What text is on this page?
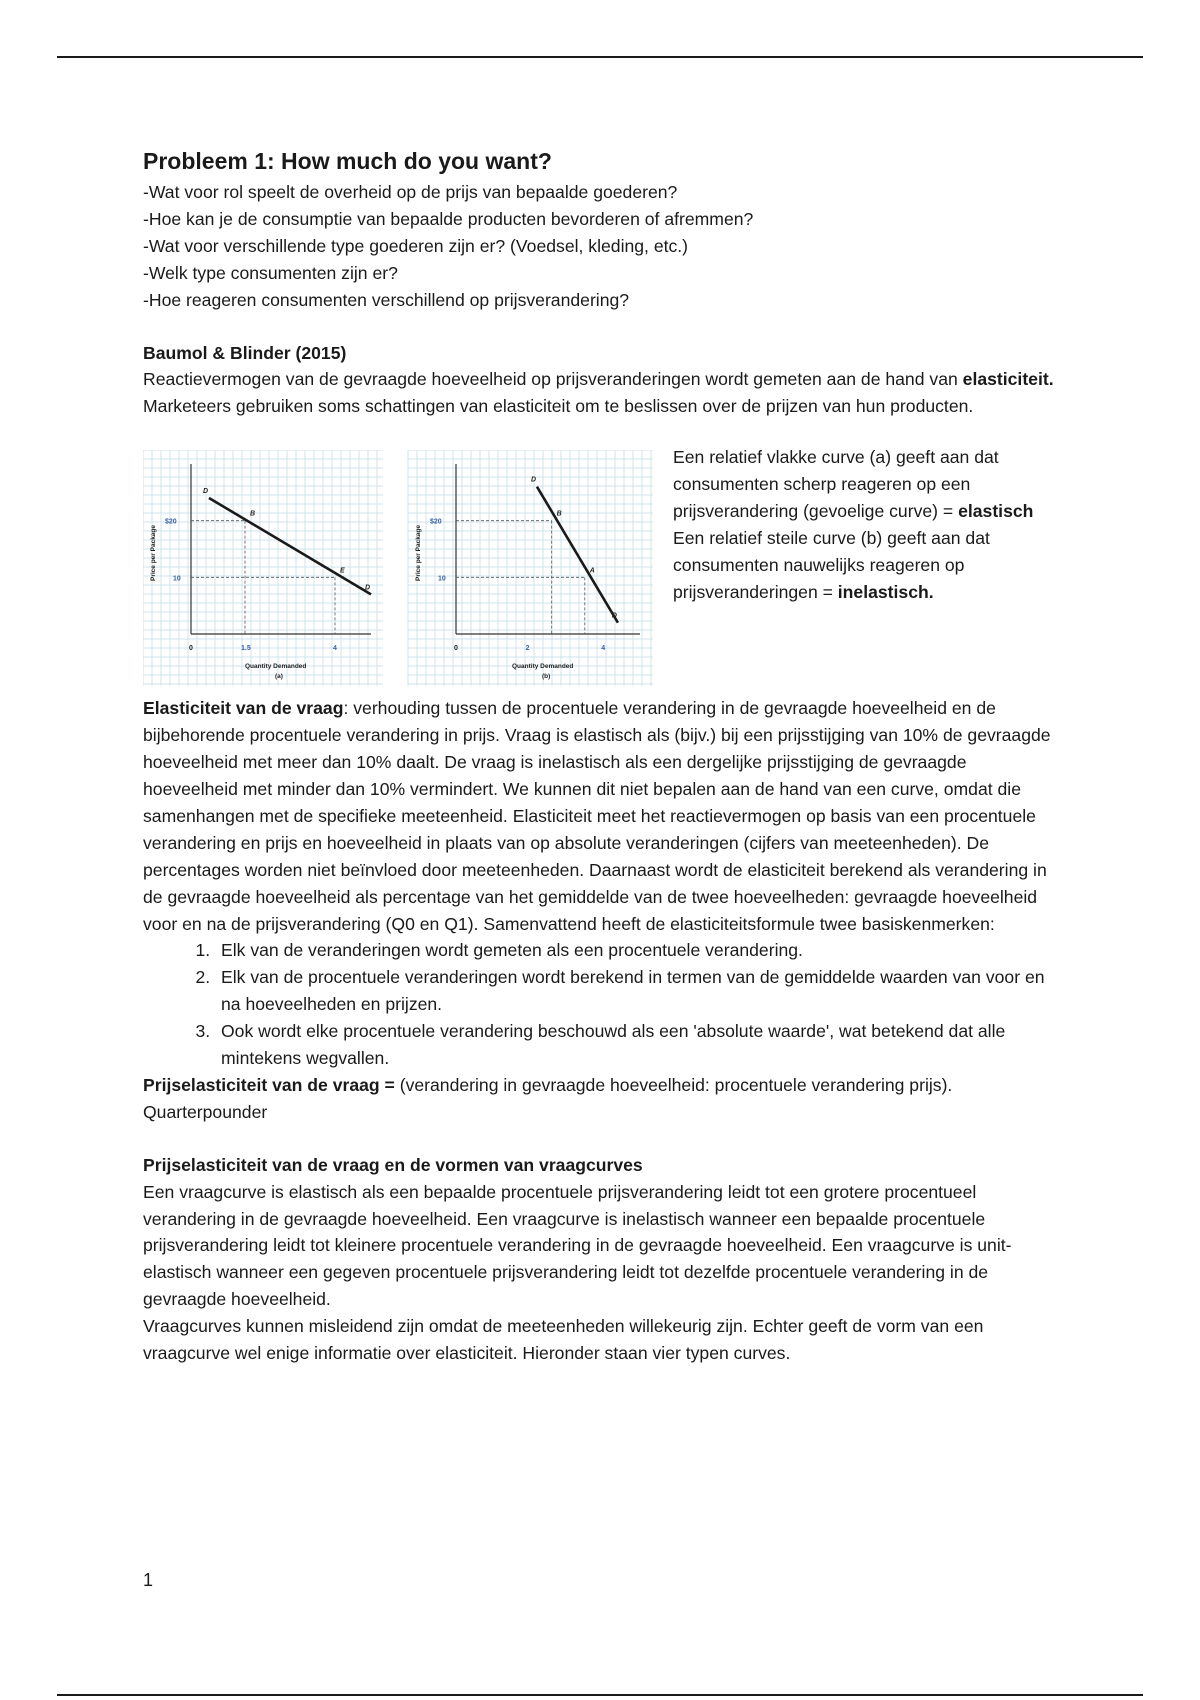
Probleem 1: How much do you want?

-Wat voor rol speelt de overheid op de prijs van bepaalde goederen?

-Hoe kan je de consumptie van bepaalde producten bevorderen of afremmen?

-Wat voor verschillende type goederen zijn er? (Voedsel, kleding, etc.)

-Welk type consumenten zijn er?

-Hoe reageren consumenten verschillend op prijsverandering?

Baumol & Blinder (2015)

Reactievermogen van de gevraagde hoeveelheid op prijsveranderingen wordt gemeten aan de hand van elasticiteit. Marketeers gebruiken soms schattingen van elasticiteit om te beslissen over de prijzen van hun producten.

D
B
E
D
$20
10
0	1.5	4
Quantity Demanded
(a)
Price per Package
D
B
A
D
$20
10
0	2	4
Quantity Demanded
(b)
Price per Package
Een relatief vlakke curve (a) geeft aan dat consumenten scherp reageren op een prijsverandering (gevoelige curve) = elastisch
Een relatief steile curve (b) geeft aan dat consumenten nauwelijks reageren op prijsveranderingen = inelastisch.

Elasticiteit van de vraag: verhouding tussen de procentuele verandering in de gevraagde hoeveelheid en de bijbehorende procentuele verandering in prijs. Vraag is elastisch als (bijv.) bij een prijsstijging van 10% de gevraagde hoeveelheid met meer dan 10% daalt. De vraag is inelastisch als een dergelijke prijsstijging de gevraagde hoeveelheid met minder dan 10% vermindert. We kunnen dit niet bepalen aan de hand van een curve, omdat die samenhangen met de specifieke meeteenheid. Elasticiteit meet het reactievermogen op basis van een procentuele verandering en prijs en hoeveelheid in plaats van op absolute veranderingen (cijfers van meeteenheden). De percentages worden niet beïnvloed door meeteenheden. Daarnaast wordt de elasticiteit berekend als verandering in de gevraagde hoeveelheid als percentage van het gemiddelde van de twee hoeveelheden: gevraagde hoeveelheid voor en na de prijsverandering (Q0 en Q1). Samenvattend heeft de elasticiteitsformule twee basiskenmerken:

1. Elk van de veranderingen wordt gemeten als een procentuele verandering.
2. Elk van de procentuele veranderingen wordt berekend in termen van de gemiddelde waarden van voor en na hoeveelheden en prijzen.
3. Ook wordt elke procentuele verandering beschouwd als een 'absolute waarde', wat betekend dat alle mintekens wegvallen.

Prijselasticiteit van de vraag = (verandering in gevraagde hoeveelheid: procentuele verandering prijs). Quarterpounder

Prijselasticiteit van de vraag en de vormen van vraagcurves

Een vraagcurve is elastisch als een bepaalde procentuele prijsverandering leidt tot een grotere procentueel verandering in de gevraagde hoeveelheid. Een vraagcurve is inelastisch wanneer een bepaalde procentuele prijsverandering leidt tot kleinere procentuele verandering in de gevraagde hoeveelheid. Een vraagcurve is unit-elastisch wanneer een gegeven procentuele prijsverandering leidt tot dezelfde procentuele verandering in de gevraagde hoeveelheid.

Vraagcurves kunnen misleidend zijn omdat de meeteenheden willekeurig zijn. Echter geeft de vorm van een vraagcurve wel enige informatie over elasticiteit. Hieronder staan vier typen curves.

1
